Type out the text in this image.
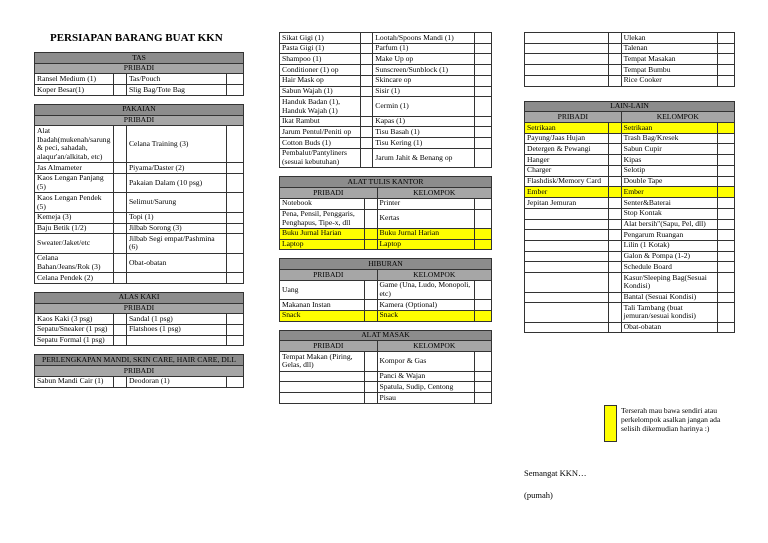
PERSIAPAN BARANG BUAT KKN
TAS			
PRIBADI			
Ransel Medium (1)		Tas/Pouch	
Koper Besar(1)		Slig Bag/Tote Bag	
PAKAIAN			
PRIBADI			
Alat Ibadah(mukenah/sarung & peci, sahadah, alaqur'an/alkitab, etc)		Celana Training (3)	
Jas Almameter		Piyama/Daster (2)	
Kaos Lengan Panjang (5)		Pakaian Dalam (10 psg)	
Kaos Lengan Pendek (5)		Selimut/Sarung	
Kemeja (3)		Topi (1)	
Baju Betik (1/2)		Jilbab Sorong (3)	
Sweater/Jaket/etc		Jilbab Segi empat/Pashmina (6)	
Celana Bahan/Jeans/Rok (3)		Obat-obatan	
Celana Pendek (2)			
ALAS KAKI			
PRIBADI			
Kaos Kaki (3 psg)		Sandal (1 psg)	
Sepatu/Sneaker (1 psg)		Flatshoes (1 psg)	
Sepatu Formal (1 psg)			
PERLENGKAPAN MANDI, SKIN CARE, HAIR CARE, DLL
PRIBADI
Sabun Mandi Cair (1)		Deodoran (1)	
Sikat Gigi (1)		Lootah/Spoons Mandi (1)	
Pasta Gigi (1)		Parfum (1)	
Shampoo (1)		Make Up op	
Conditioner (1) op		Sunscreen/Sunblock (1)	
Hair Mask op		Skincare op	
Sabun Wajah (1)		Sisir (1)	
Handuk Badan (1), Handuk Wajah (1)		Cermin (1)	
Ikat Rambut		Kapas (1)	
Jarum Pentul/Peniti op		Tisu Basah (1)	
Cotton Buds (1)		Tisu Kering (1)	
Pembalut/Pantyliners (sesuai kebutuhan)		Jarum Jahit & Benang op	
ALAT TULIS KANTOR			
PRIBADI		KELOMPOK	
Notebook		Printer	
Pena, Pensil, Penggaris, Penghapus, Tipe-x, dll		Kertas	
Buku Jurnal Harian		Buku Jurnal Harian	
Laptop		Laptop	
HIBURAN			
PRIBADI		KELOMPOK	
Uang		Game (Una, Ludo, Monopoli, etc)	
Makanan Instan		Kamera (Optional)	
Snack		Snack	
ALAT MASAK			
PRIBADI		KELOMPOK	
Tempat Makan (Piring, Gelas, dll)		Kompor & Gas	
		Panci & Wajan	
		Spatula, Sudip, Centong	
		Pisau	
		Ulekan	
		Talenan	
		Tempat Masakan	
		Tempat Bumbu	
		Rice Cooker	
LAIN-LAIN			
PRIBADI		KELOMPOK	
Setrikaan		Setrikaan	
Payung/Jaas Hujan		Trash Bag/Kresek	
Detergen & Pewangi		Sabun Cupir	
Hanger		Kipas	
Charger		Selotip	
Flashdisk/Memory Card		Double Tape	
Ember		Ember	
Jepitan Jemuran		Senter&Baterai	
		Stop Kontak	
		Alat bersih"(Sapu, Pel, dll)	
		Pengarum Ruangan	
		Lilin (1 Kotak)	
		Galon & Pompa (1-2)	
		Schedule Board	
		Kasur/Sleeping Bag(Sesuai Kondisi)	
		Bantal (Sesuai Kondisi)	
		Tali Tambang (buat jemuran/sesuai kondisi)	
		Obat-obatan	
Terserah mau bawa sendiri atau perkelompok asalkan jangan ada selisih dikemudian harinya :)
Semangat KKN…
(pumah)
